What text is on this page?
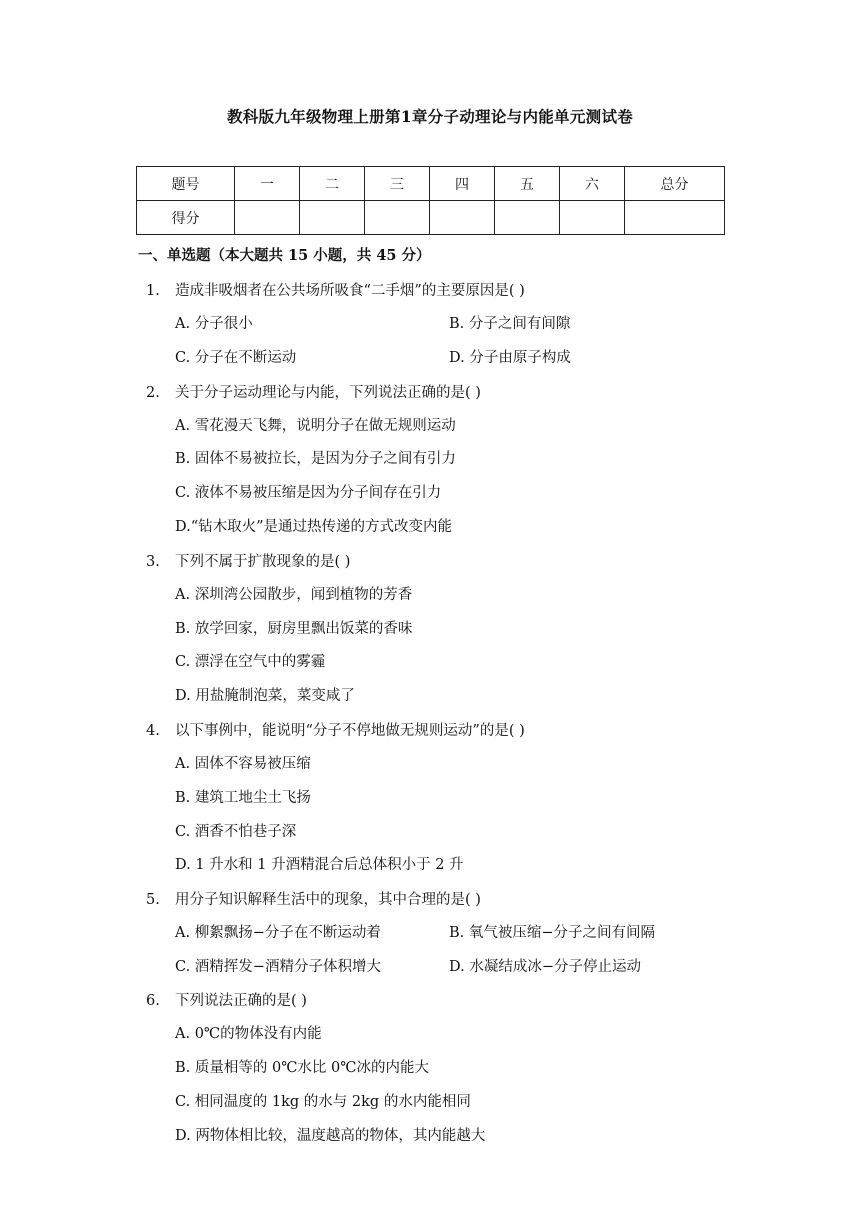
教科版九年级物理上册第1章分子动理论与内能单元测试卷
题号	一	二	三	四	五	六	总分
得分							
一、单选题（本大题共 15 小题，共 45 分）
1. 造成非吸烟者在公共场所吸食“二手烟”的主要原因是( )
A. 分子很小	B. 分子之间有间隙
C. 分子在不断运动	D. 分子由原子构成
2. 关于分子运动理论与内能，下列说法正确的是( )
A. 雪花漫天飞舞，说明分子在做无规则运动
B. 固体不易被拉长，是因为分子之间有引力
C. 液体不易被压缩是因为分子间存在引力
D.“钻木取火”是通过热传递的方式改变内能
3. 下列不属于扩散现象的是( )
A. 深圳湾公园散步，闻到植物的芳香
B. 放学回家，厨房里飘出饭菜的香味
C. 漂浮在空气中的雾霾
D. 用盐腌制泡菜，菜变咸了
4. 以下事例中，能说明“分子不停地做无规则运动”的是( )
A. 固体不容易被压缩
B. 建筑工地尘土飞扬
C. 酒香不怕巷子深
D. 1 升水和 1 升酒精混合后总体积小于 2 升
5. 用分子知识解释生活中的现象，其中合理的是( )
A. 柳絮飘扬−分子在不断运动着	B. 氧气被压缩−分子之间有间隔
C. 酒精挥发−酒精分子体积增大	D. 水凝结成冰−分子停止运动
6. 下列说法正确的是( )
A. 0℃的物体没有内能
B. 质量相等的 0℃水比 0℃冰的内能大
C. 相同温度的 1kg 的水与 2kg 的水内能相同
D. 两物体相比较，温度越高的物体，其内能越大
